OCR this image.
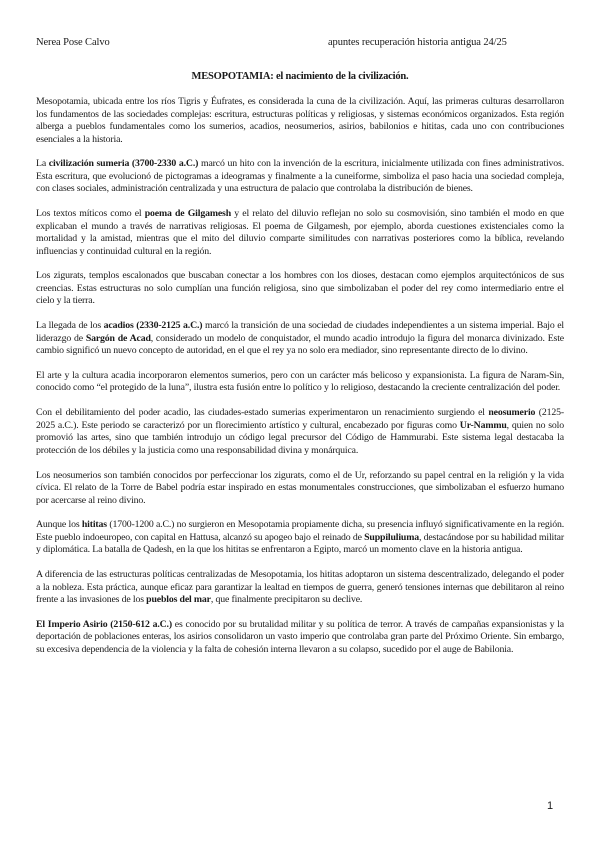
Nerea Pose Calvo	apuntes recuperación historia antigua 24/25
MESOPOTAMIA: el nacimiento de la civilización.

Mesopotamia, ubicada entre los ríos Tigris y Éufrates, es considerada la cuna de la civilización. Aquí, las primeras culturas desarrollaron los fundamentos de las sociedades complejas: escritura, estructuras políticas y religiosas, y sistemas económicos organizados. Esta región alberga a pueblos fundamentales como los sumerios, acadios, neosumerios, asirios, babilonios e hititas, cada uno con contribuciones esenciales a la historia.

La civilización sumeria (3700-2330 a.C.) marcó un hito con la invención de la escritura, inicialmente utilizada con fines administrativos. Esta escritura, que evolucionó de pictogramas a ideogramas y finalmente a la cuneiforme, simboliza el paso hacia una sociedad compleja, con clases sociales, administración centralizada y una estructura de palacio que controlaba la distribución de bienes.

Los textos míticos como el poema de Gilgamesh y el relato del diluvio reflejan no solo su cosmovisión, sino también el modo en que explicaban el mundo a través de narrativas religiosas. El poema de Gilgamesh, por ejemplo, aborda cuestiones existenciales como la mortalidad y la amistad, mientras que el mito del diluvio comparte similitudes con narrativas posteriores como la bíblica, revelando influencias y continuidad cultural en la región.

Los zigurats, templos escalonados que buscaban conectar a los hombres con los dioses, destacan como ejemplos arquitectónicos de sus creencias. Estas estructuras no solo cumplían una función religiosa, sino que simbolizaban el poder del rey como intermediario entre el cielo y la tierra.

La llegada de los acadios (2330-2125 a.C.) marcó la transición de una sociedad de ciudades independientes a un sistema imperial. Bajo el liderazgo de Sargón de Acad, considerado un modelo de conquistador, el mundo acadio introdujo la figura del monarca divinizado. Este cambio significó un nuevo concepto de autoridad, en el que el rey ya no solo era mediador, sino representante directo de lo divino.

El arte y la cultura acadia incorporaron elementos sumerios, pero con un carácter más belicoso y expansionista. La figura de Naram-Sin, conocido como “el protegido de la luna”, ilustra esta fusión entre lo político y lo religioso, destacando la creciente centralización del poder.

Con el debilitamiento del poder acadio, las ciudades-estado sumerias experimentaron un renacimiento surgiendo el neosumerio (2125-2025 a.C.). Este periodo se caracterizó por un florecimiento artístico y cultural, encabezado por figuras como Ur-Nammu, quien no solo promovió las artes, sino que también introdujo un código legal precursor del Código de Hammurabi. Este sistema legal destacaba la protección de los débiles y la justicia como una responsabilidad divina y monárquica.

Los neosumerios son también conocidos por perfeccionar los zigurats, como el de Ur, reforzando su papel central en la religión y la vida cívica. El relato de la Torre de Babel podría estar inspirado en estas monumentales construcciones, que simbolizaban el esfuerzo humano por acercarse al reino divino.

Aunque los hititas (1700-1200 a.C.) no surgieron en Mesopotamia propiamente dicha, su presencia influyó significativamente en la región. Este pueblo indoeuropeo, con capital en Hattusa, alcanzó su apogeo bajo el reinado de Suppiluliuma, destacándose por su habilidad militar y diplomática. La batalla de Qadesh, en la que los hititas se enfrentaron a Egipto, marcó un momento clave en la historia antigua.

A diferencia de las estructuras políticas centralizadas de Mesopotamia, los hititas adoptaron un sistema descentralizado, delegando el poder a la nobleza. Esta práctica, aunque eficaz para garantizar la lealtad en tiempos de guerra, generó tensiones internas que debilitaron al reino frente a las invasiones de los pueblos del mar, que finalmente precipitaron su declive.

El Imperio Asirio (2150-612 a.C.) es conocido por su brutalidad militar y su política de terror. A través de campañas expansionistas y la deportación de poblaciones enteras, los asirios consolidaron un vasto imperio que controlaba gran parte del Próximo Oriente. Sin embargo, su excesiva dependencia de la violencia y la falta de cohesión interna llevaron a su colapso, sucedido por el auge de Babilonia.

1
